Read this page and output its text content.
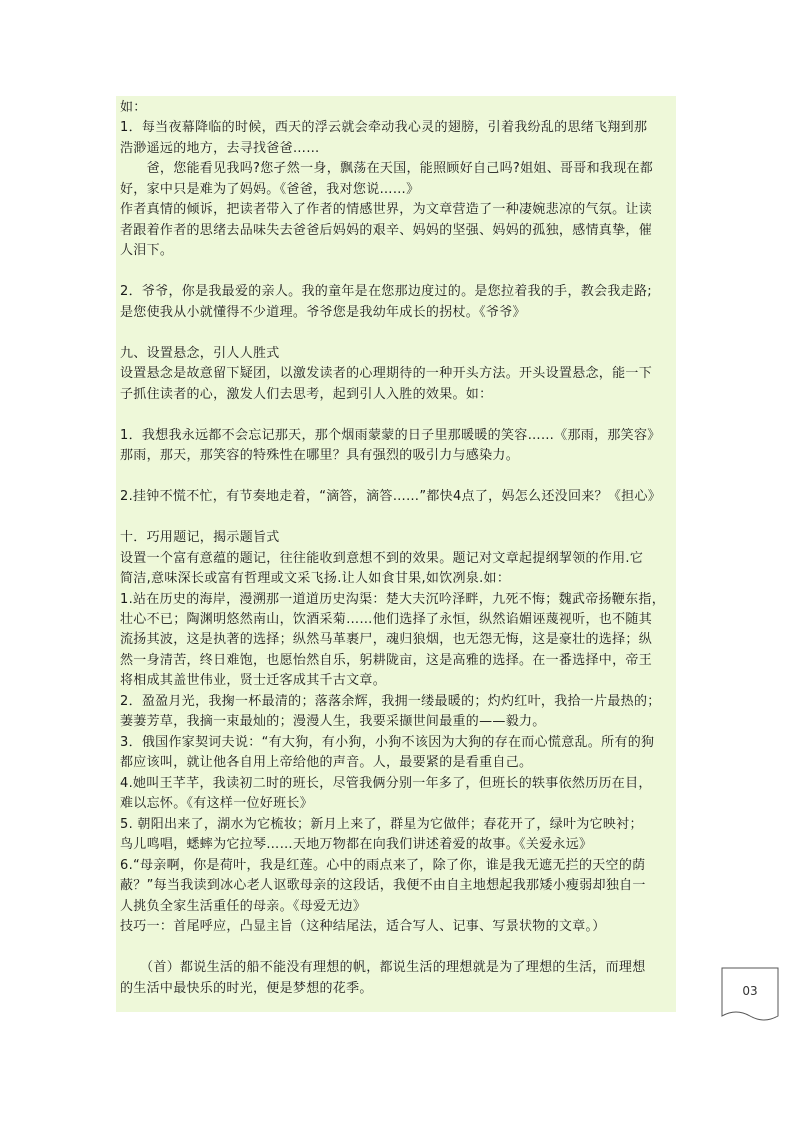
如：
1．每当夜幕降临的时候，西天的浮云就会牵动我心灵的翅膀，引着我纷乱的思绪飞翔到那
浩渺遥远的地方，去寻找爸爸……
　　爸，您能看见我吗?您孑然一身，飘荡在天国，能照顾好自己吗?姐姐、哥哥和我现在都
好，家中只是难为了妈妈。《爸爸，我对您说……》
作者真情的倾诉，把读者带入了作者的情感世界，为文章营造了一种凄婉悲凉的气氛。让读
者跟着作者的思绪去品味失去爸爸后妈妈的艰辛、妈妈的坚强、妈妈的孤独，感情真挚，催
人泪下。
2．爷爷，你是我最爱的亲人。我的童年是在您那边度过的。是您拉着我的手，教会我走路;
是您使我从小就懂得不少道理。爷爷您是我幼年成长的拐杖。《爷爷》
九、设置悬念，引人人胜式
设置悬念是故意留下疑团，以激发读者的心理期待的一种开头方法。开头设置悬念，能一下
子抓住读者的心，激发人们去思考，起到引人入胜的效果。如：
1．我想我永远都不会忘记那天，那个烟雨蒙蒙的日子里那暖暖的笑容……《那雨，那笑容》
那雨，那天，那笑容的特殊性在哪里？具有强烈的吸引力与感染力。
2.挂钟不慌不忙，有节奏地走着，“滴答，滴答……”都快4点了，妈怎么还没回来？《担心》
十．巧用题记，揭示题旨式
设置一个富有意蕴的题记，往往能收到意想不到的效果。题记对文章起提纲挈领的作用.它
简洁,意味深长或富有哲理或文采飞扬.让人如食甘果,如饮冽泉.如：
1.站在历史的海岸，漫溯那一道道历史沟渠：楚大夫沉吟泽畔，九死不悔；魏武帝扬鞭东指，
壮心不已；陶渊明悠然南山，饮酒采菊……他们选择了永恒，纵然谄媚诬蔑视听，也不随其
流扬其波，这是执著的选择；纵然马革裹尸，魂归狼烟，也无怨无悔，这是豪壮的选择；纵
然一身清苦，终日难饱，也愿怡然自乐，躬耕陇亩，这是高雅的选择。在一番选择中，帝王
将相成其盖世伟业，贤士迁客成其千古文章。
2．盈盈月光，我掬一杯最清的；落落余辉，我拥一缕最暖的；灼灼红叶，我拾一片最热的；
萋萋芳草，我摘一束最灿的；漫漫人生，我要采撷世间最重的——毅力。
3．俄国作家契诃夫说：“有大狗，有小狗，小狗不该因为大狗的存在而心慌意乱。所有的狗
都应该叫，就让他各自用上帝给他的声音。人，最要紧的是看重自己。
4.她叫王芊芊，我读初二时的班长，尽管我俩分别一年多了，但班长的轶事依然历历在目，
难以忘怀。《有这样一位好班长》
5. 朝阳出来了，湖水为它梳妆；新月上来了，群星为它做伴；春花开了，绿叶为它映衬；
鸟儿鸣唱，蟋蟀为它拉琴……天地万物都在向我们讲述着爱的故事。《关爱永远》
6.“母亲啊，你是荷叶，我是红莲。心中的雨点来了，除了你，谁是我无遮无拦的天空的荫
蔽？”每当我读到冰心老人讴歌母亲的这段话，我便不由自主地想起我那矮小瘦弱却独自一
人挑负全家生活重任的母亲。《母爱无边》
技巧一：首尾呼应，凸显主旨（这种结尾法，适合写人、记事、写景状物的文章。）
　　（首）都说生活的船不能没有理想的帆，都说生活的理想就是为了理想的生活，而理想
的生活中最快乐的时光，便是梦想的花季。	03
